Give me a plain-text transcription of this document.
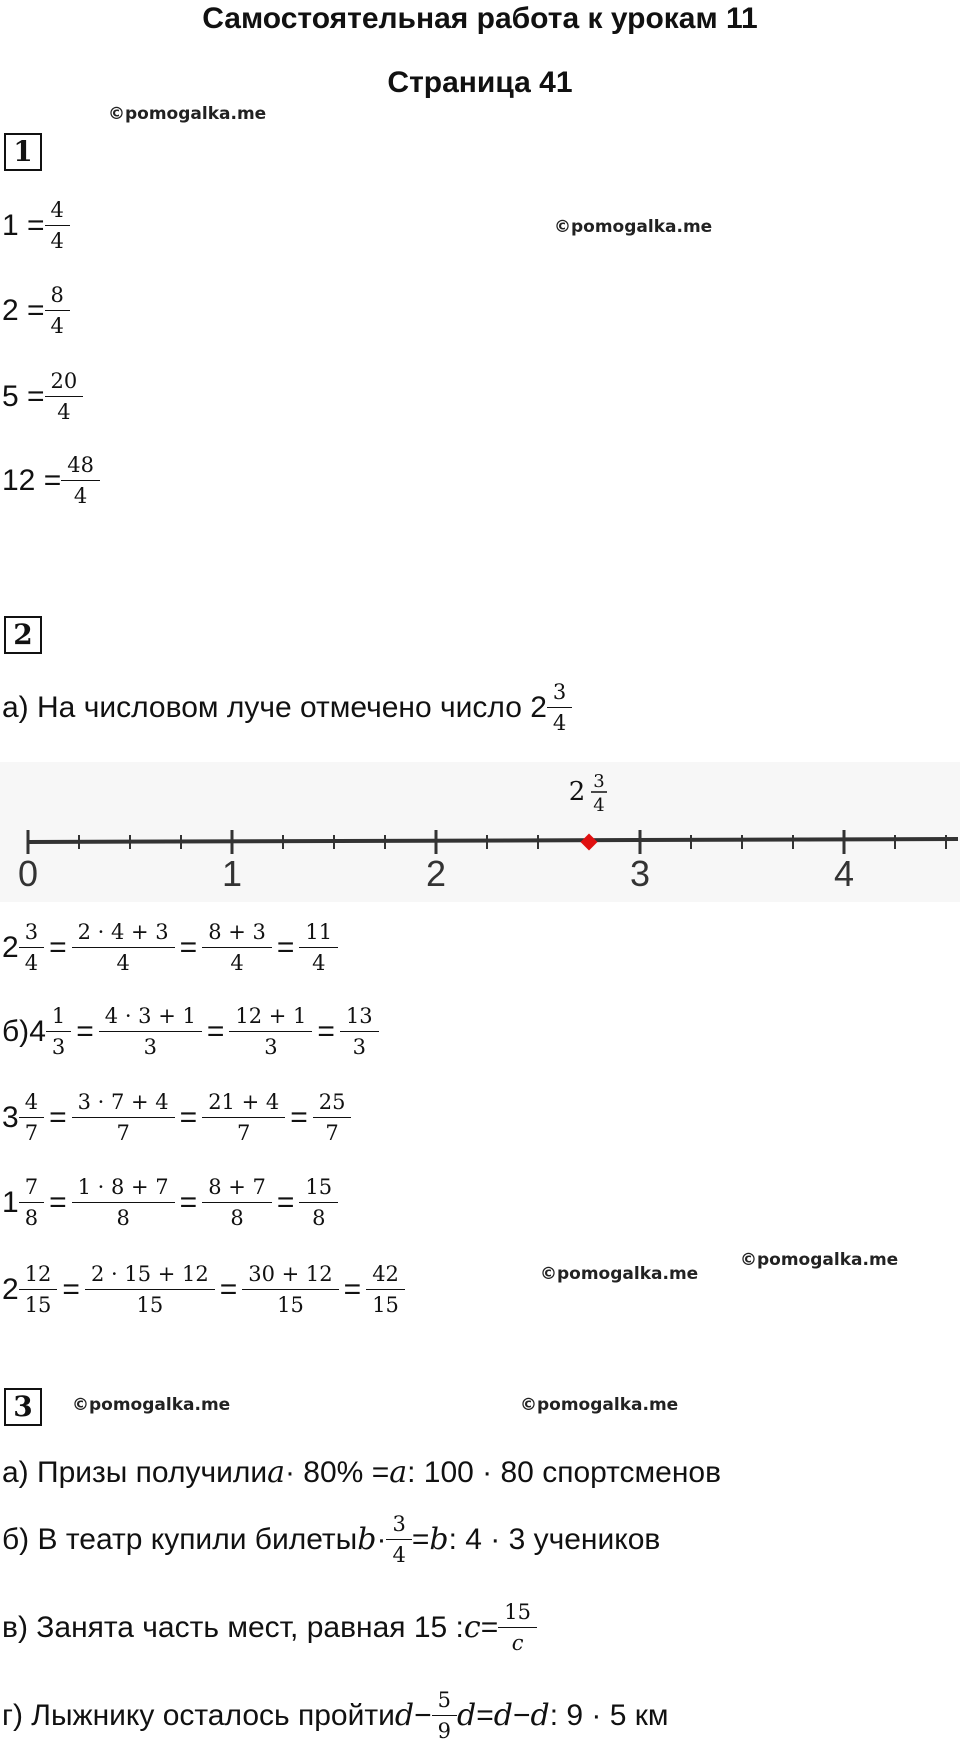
Самостоятельная работа к урокам 11
Страница 41
©pomogalka.me
©pomogalka.me
©pomogalka.me
©pomogalka.me
©pomogalka.me	©pomogalka.me
1
$1 = \frac{4}{4}$
$2 = \frac{8}{4}$
$5 = \frac{20}{4}$
$12 = \frac{48}{4}$
2
а) На числовом луче отмечено число $2 \frac{3}{4}$
0	1	2	3	4
2 3
4
$2 \frac{3}{4} = \frac{2 \cdot 4 + 3}{4} = \frac{8 + 3}{4} = \frac{11}{4}$
б) $4 \frac{1}{3} = \frac{4 \cdot 3 + 1}{3} = \frac{12 + 1}{3} = \frac{13}{3}$
$3 \frac{4}{7} = \frac{3 \cdot 7 + 4}{7} = \frac{21 + 4}{7} = \frac{25}{7}$
$1 \frac{7}{8} = \frac{1 \cdot 8 + 7}{8} = \frac{8 + 7}{8} = \frac{15}{8}$
$2 \frac{12}{15} = \frac{2 \cdot 15 + 12}{15} = \frac{30 + 12}{15} = \frac{42}{15}$
3
а) Призы получили a · 80% = a : 100 · 80 спортсменов
б) В театр купили билеты $b \cdot \frac{3}{4} = b$ : 4 · 3 учеников
в) Занята часть мест, равная 15 : $c = \frac{15}{c}$
г) Лыжнику осталось пройти $d - \frac{5}{9}$ d = d − d : 9 · 5 км
